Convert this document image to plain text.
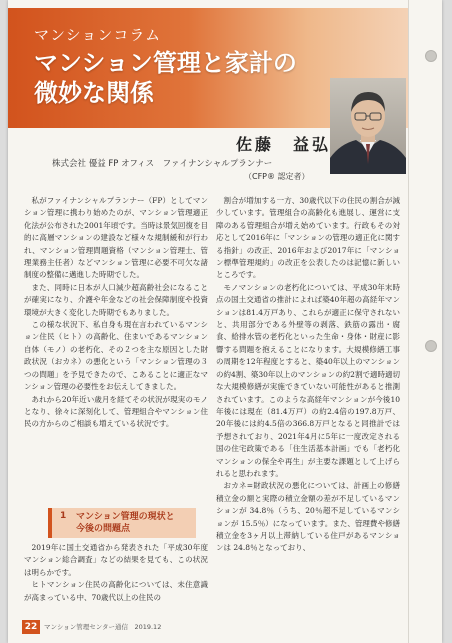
マンションコラム
マンション管理と家計の
微妙な関係
佐藤　益弘
株式会社 優益 FP オフィス　ファイナンシャルプランナー
（CFP® 認定者）

私がファイナンシャルプランナー（FP）としてマンション管理に携わり始めたのが、マンション管理適正化法が公布された2001年頃です。当時は景気回復を目的に高層マンションの建設など様々な規制緩和が行われ、マンション管理問題資格（マンション管理士、管理業務主任者）などマンション管理に必要不可欠な諸制度の整備に邁進した時期でした。

また、同時に日本が人口減少超高齢社会になることが確実になり、介護や年金などの社会保障制度や投資環境が大きく変化した時期でもありました。

この様な状況下、私自身も現在言われているマンション住民（ヒト）の高齢化、住まいであるマンション自体（モノ）の老朽化、その２つを主な原因とした財政状況（おカネ）の悪化という「マンション管理の３つの問題」を予見できたので、こあることに適正なマンション管理の必要性をお伝えしてきました。

あれから20年近い歳月を経てその状況が現実のモノとなり、徐々に深刻化して、管理組合やマンション住民の方からのご相談も増えている状況です。

1 マンション管理の現状と
今後の問題点

2019年に国土交通省から発表された「平成30年度マンション総合調査」などの結果を見ても、この状況は明らかです。

ヒトマンション住民の高齢化については、未住意識が高まっている中、70歳代以上の住民の

割合が増加する一方、30歳代以下の住民の割合が減少しています。管理組合の高齢化も進展し、運営に支障のある管理組合が増え始めています。行政もその対応として2016年に「マンションの管理の適正化に関する指針」の改正、2016年および2017年に「マンション標準管理規約」の改正を公表したのは記憶に新しいところです。

モノマンションの老朽化については、平成30年末時点の国土交通省の推計によれば築40年超の高経年マンションは81.4万戸あり、これらが適正に保守されないと、共用部分である外壁等の剥落、鉄筋の露出・腐食、給排水管の老朽化といった生命・身体・財産に影響する問題を抱えることになります。大規模修繕工事の周期を12年程度とすると、築40年以上のマンションの約4割、築30年以上のマンションの約2割で適時適切な大規模修繕が実施できていない可能性があると推測されています。このような高経年マンションが今後10年後には現在（81.4万戸）の約2.4倍の197.8万戸、20年後には約4.5倍の366.8万戸となると同推計では予想されており、2021年4月に5年に一度改定される国の住宅政策である「住生活基本計画」でも「老朽化マンションの保全や再生」が主要な課題として上げられると思われます。

おカネ=財政状況の悪化については、計画上の修繕積立金の額と実際の積立金額の差が不足しているマンションが 34.8％（うち、20％超不足しているマンションが 15.5％）になっています。また、管理費や修繕積立金を3ヶ月以上滞納している住戸があるマンションは 24.8％となっており、

22	マンション管理センター通信　2019.12
